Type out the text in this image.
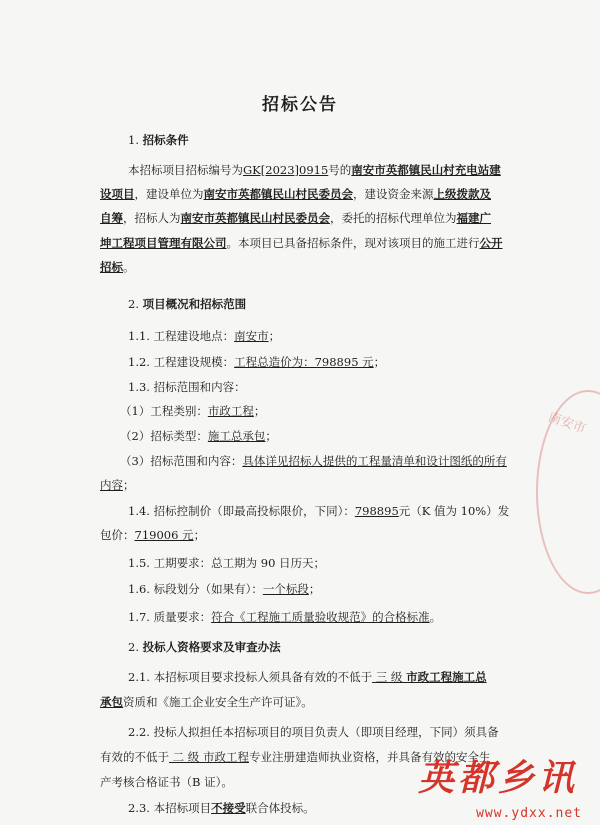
招标公告
1. 招标条件
本招标项目招标编号为GK[2023]0915号的南安市英都镇民山村充电站建
设项目，建设单位为南安市英都镇民山村民委员会，建设资金来源上级拨款及
自筹，招标人为南安市英都镇民山村民委员会，委托的招标代理单位为福建广
坤工程项目管理有限公司。本项目已具备招标条件，现对该项目的施工进行公开
招标。
2. 项目概况和招标范围
1.1. 工程建设地点：南安市；
1.2. 工程建设规模：工程总造价为：798895 元；
1.3. 招标范围和内容：
（1）工程类别：市政工程；
（2）招标类型：施工总承包；
（3）招标范围和内容：具体详见招标人提供的工程量清单和设计图纸的所有
内容；
1.4. 招标控制价（即最高投标限价，下同）：798895元（K 值为 10%）发
包价：719006 元；
1.5. 工期要求：总工期为 90 日历天；
1.6. 标段划分（如果有）：一个标段；
1.7. 质量要求：符合《工程施工质量验收规范》的合格标准。
2. 投标人资格要求及审查办法
2.1. 本招标项目要求投标人须具备有效的不低于 三 级 市政工程施工总
承包资质和《施工企业安全生产许可证》。
2.2. 投标人拟担任本招标项目的项目负责人（即项目经理，下同）须具备
有效的不低于 二 级 市政工程专业注册建造师执业资格，并具备有效的安全生
产考核合格证书（B 证）。
2.3. 本招标项目不接受联合体投标。
南安市
英都乡讯
www.ydxx.net
